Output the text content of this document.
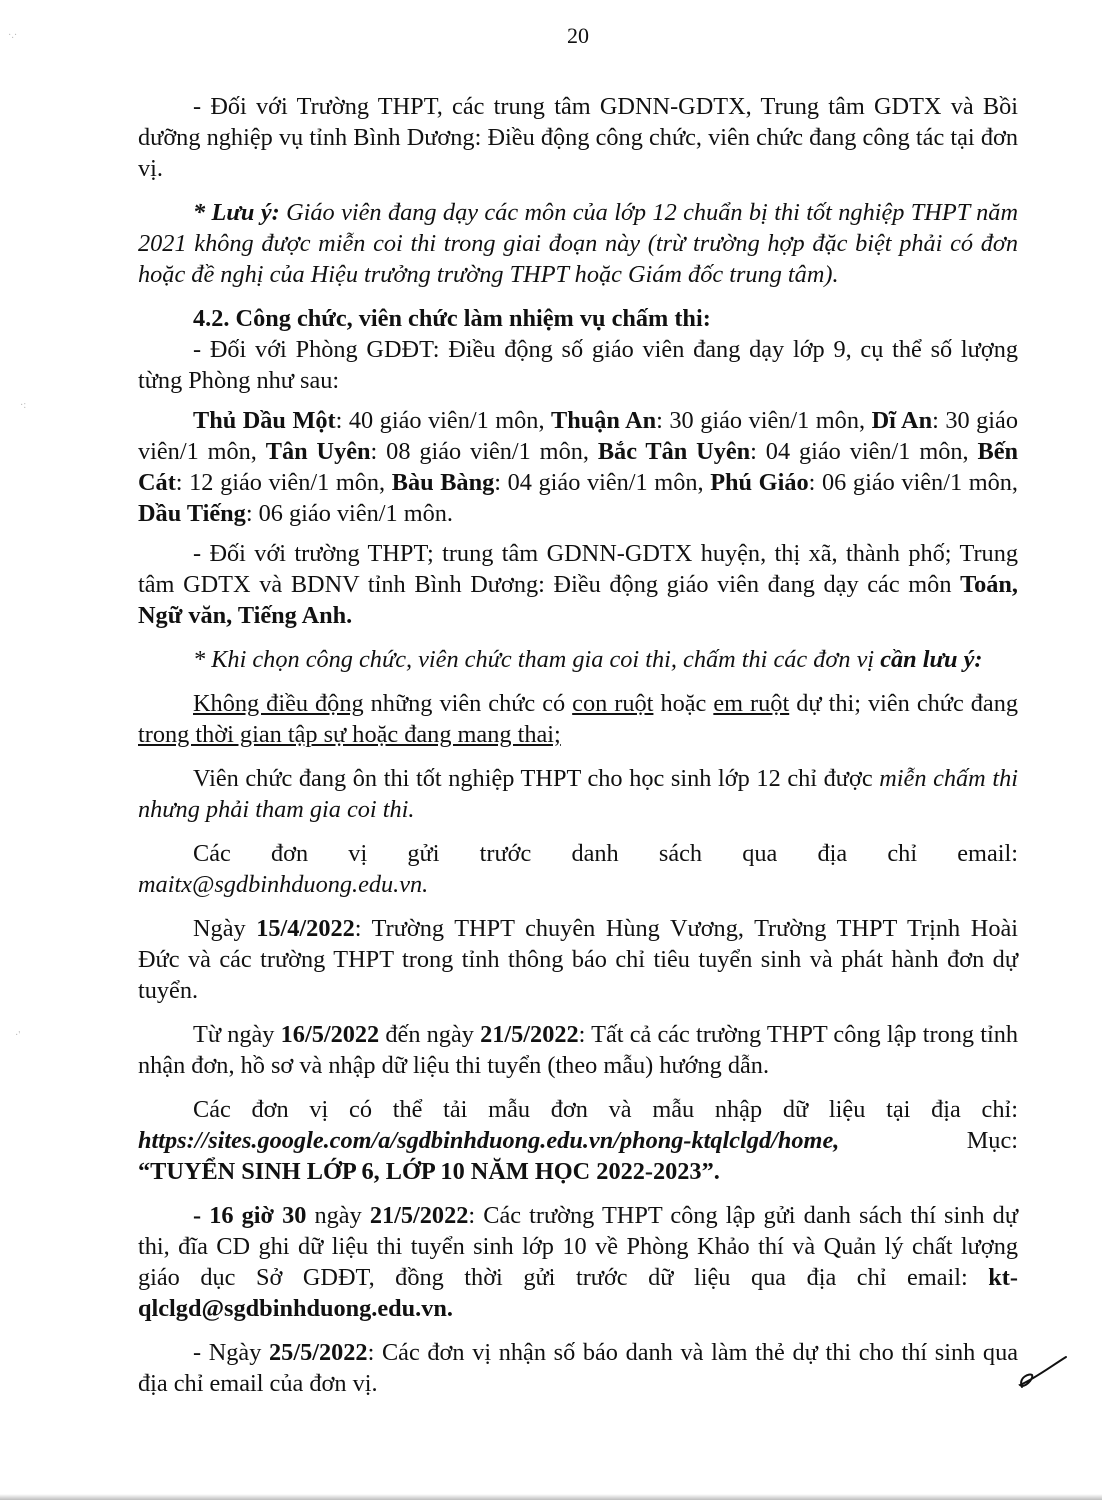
20

- Đối với Trường THPT, các trung tâm GDNN-GDTX, Trung tâm GDTX và Bồi dưỡng nghiệp vụ tỉnh Bình Dương: Điều động công chức, viên chức đang công tác tại đơn vị.

* Lưu ý: Giáo viên đang dạy các môn của lớp 12 chuẩn bị thi tốt nghiệp THPT năm 2021 không được miễn coi thi trong giai đoạn này (trừ trường hợp đặc biệt phải có đơn hoặc đề nghị của Hiệu trưởng trường THPT hoặc Giám đốc trung tâm).

4.2. Công chức, viên chức làm nhiệm vụ chấm thi:

- Đối với Phòng GDĐT: Điều động số giáo viên đang dạy lớp 9, cụ thể số lượng từng Phòng như sau:

Thủ Dầu Một: 40 giáo viên/1 môn, Thuận An: 30 giáo viên/1 môn, Dĩ An: 30 giáo viên/1 môn, Tân Uyên: 08 giáo viên/1 môn, Bắc Tân Uyên: 04 giáo viên/1 môn, Bến Cát: 12 giáo viên/1 môn, Bàu Bàng: 04 giáo viên/1 môn, Phú Giáo: 06 giáo viên/1 môn, Dầu Tiếng: 06 giáo viên/1 môn.

- Đối với trường THPT; trung tâm GDNN-GDTX huyện, thị xã, thành phố; Trung tâm GDTX và BDNV tỉnh Bình Dương: Điều động giáo viên đang dạy các môn Toán, Ngữ văn, Tiếng Anh.

* Khi chọn công chức, viên chức tham gia coi thi, chấm thi các đơn vị cần lưu ý:

Không điều động những viên chức có con ruột hoặc em ruột dự thi; viên chức đang trong thời gian tập sự hoặc đang mang thai;

Viên chức đang ôn thi tốt nghiệp THPT cho học sinh lớp 12 chỉ được miễn chấm thi nhưng phải tham gia coi thi.

Các đơn vị gửi trước danh sách qua địa chỉ email:

maitx@sgdbinhduong.edu.vn.

Ngày 15/4/2022: Trường THPT chuyên Hùng Vương, Trường THPT Trịnh Hoài Đức và các trường THPT trong tỉnh thông báo chỉ tiêu tuyển sinh và phát hành đơn dự tuyển.

Từ ngày 16/5/2022 đến ngày 21/5/2022: Tất cả các trường THPT công lập trong tỉnh nhận đơn, hồ sơ và nhập dữ liệu thi tuyển (theo mẫu) hướng dẫn.

Các đơn vị có thể tải mẫu đơn và mẫu nhập dữ liệu tại địa chỉ:

https://sites.google.com/a/sgdbinhduong.edu.vn/phong-ktqlclgd/home,	Mục:

“TUYỂN SINH LỚP 6, LỚP 10 NĂM HỌC 2022-2023”.

- 16 giờ 30 ngày 21/5/2022: Các trường THPT công lập gửi danh sách thí sinh dự thi, đĩa CD ghi dữ liệu thi tuyển sinh lớp 10 về Phòng Khảo thí và Quản lý chất lượng giáo dục Sở GDĐT, đồng thời gửi trước dữ liệu qua địa chỉ email: kt-qlclgd@sgdbinhduong.edu.vn.

- Ngày 25/5/2022: Các đơn vị nhận số báo danh và làm thẻ dự thi cho thí sinh qua địa chỉ email của đơn vị.

·.·
·:
·'
